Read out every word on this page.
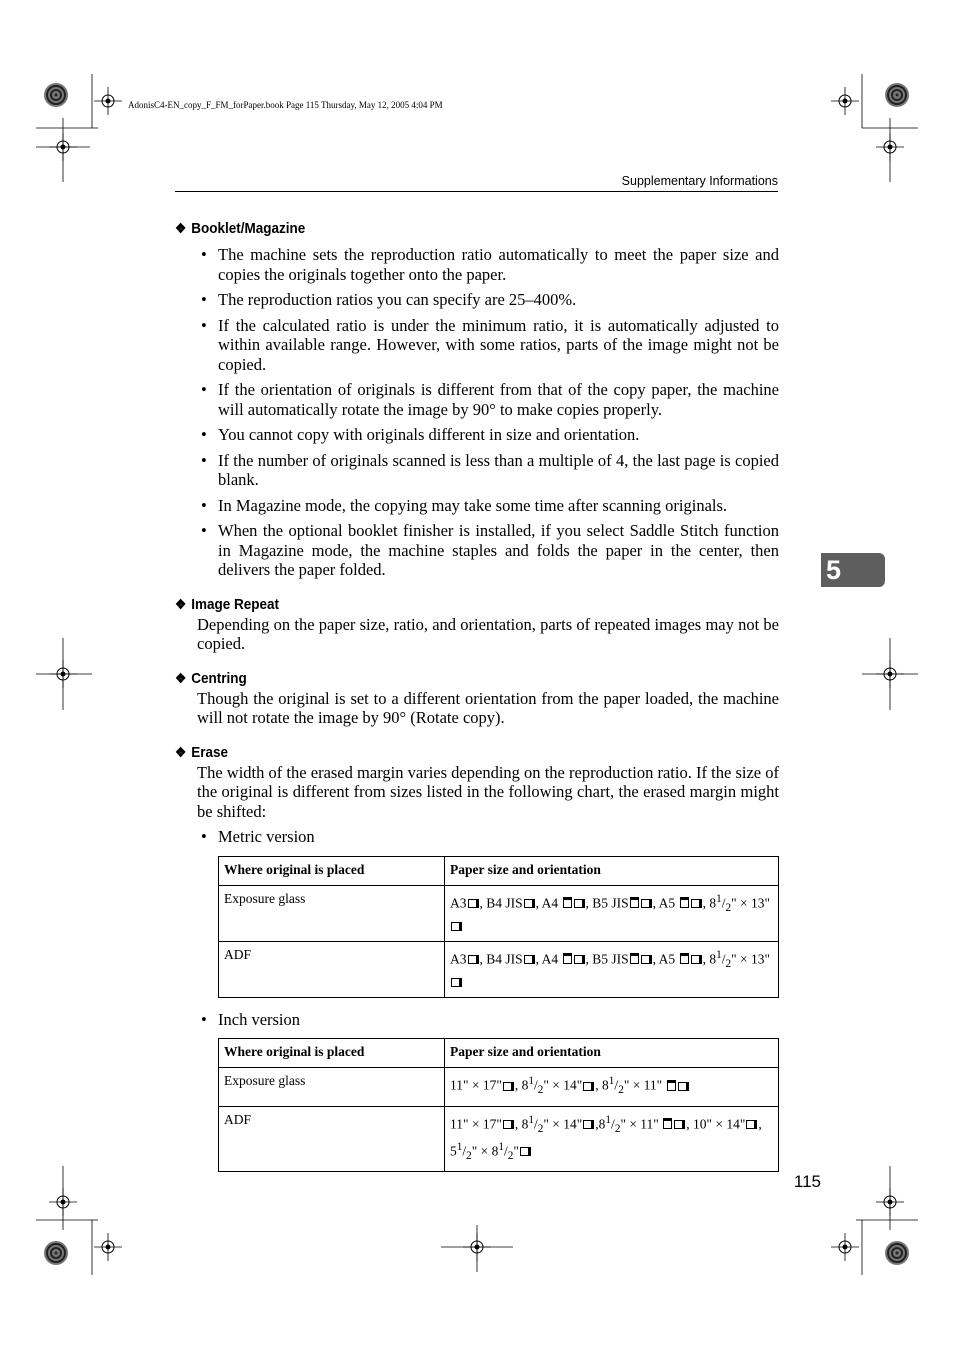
AdonisC4-EN_copy_F_FM_forPaper.book Page 115 Thursday, May 12, 2005 4:04 PM
Supplementary Informations
5
115
❖ Booklet/Magazine
• The machine sets the reproduction ratio automatically to meet the paper size and copies the originals together onto the paper.
• The reproduction ratios you can specify are 25–400%.
• If the calculated ratio is under the minimum ratio, it is automatically adjusted to within available range. However, with some ratios, parts of the image might not be copied.
• If the orientation of originals is different from that of the copy paper, the machine will automatically rotate the image by 90° to make copies properly.
• You cannot copy with originals different in size and orientation.
• If the number of originals scanned is less than a multiple of 4, the last page is copied blank.
• In Magazine mode, the copying may take some time after scanning originals.
• When the optional booklet finisher is installed, if you select Saddle Stitch function in Magazine mode, the machine staples and folds the paper in the center, then delivers the paper folded.
❖ Image Repeat
Depending on the paper size, ratio, and orientation, parts of repeated images may not be copied.
❖ Centring
Though the original is set to a different orientation from the paper loaded, the machine will not rotate the image by 90° (Rotate copy).
❖ Erase
The width of the erased margin varies depending on the reproduction ratio. If the size of the original is different from sizes listed in the following chart, the erased margin might be shifted:
• Metric version
Where original is placed	Paper size and orientation
Exposure glass	A3 , B4 JIS , A4 , B5 JIS , A5 , $8^1/_2$" × 13"
ADF	A3 , B4 JIS , A4 , B5 JIS , A5 , $8^1/_2$" × 13"
• Inch version
Where original is placed	Paper size and orientation
Exposure glass	11" × 17" , $8^1/_2$" × 14" , $8^1/_2$" × 11"
ADF	11" × 17" , $8^1/_2$" × 14" $,8^1/_2$" × 11" , 10" × 14" , $5^1/_2$" × $8^1/_2$"
